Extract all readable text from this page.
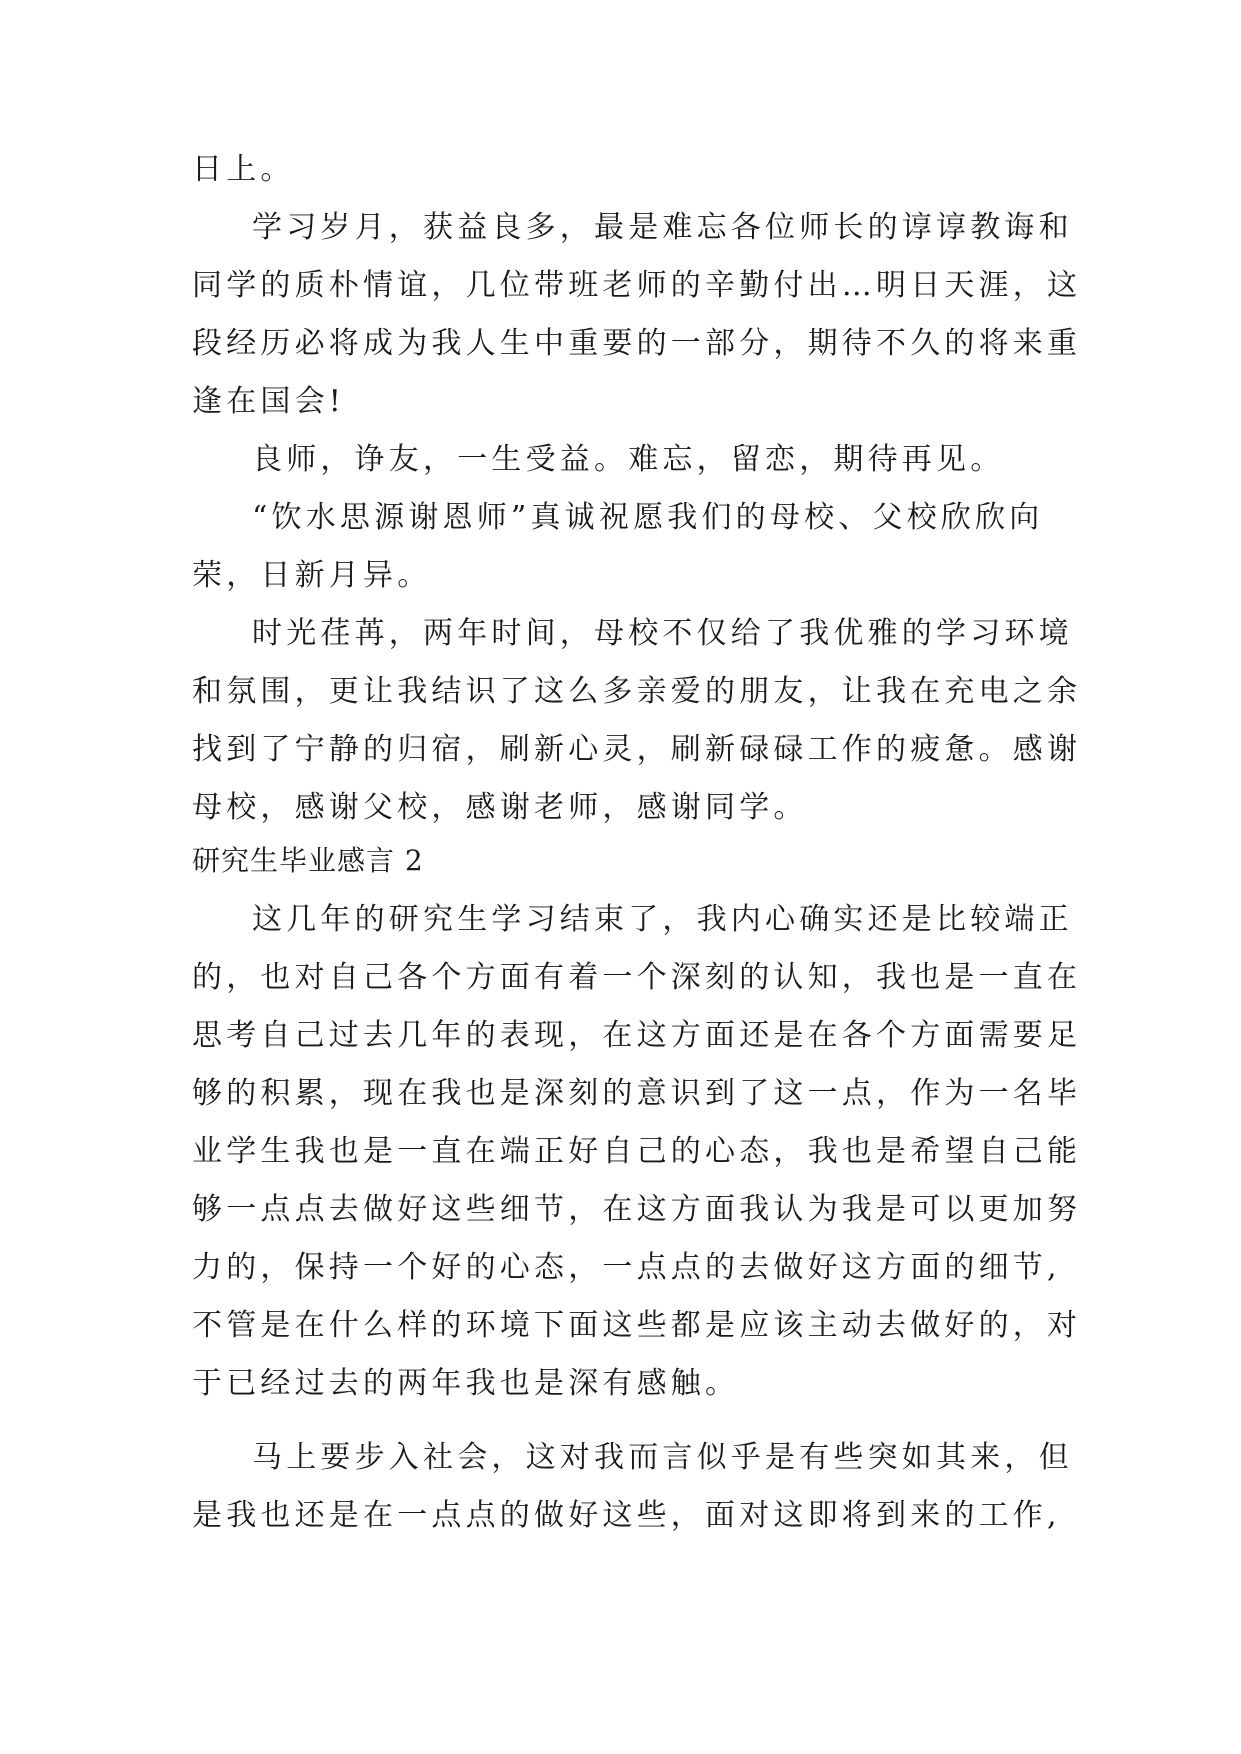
日上。
学习岁月，获益良多，最是难忘各位师长的谆谆教诲和
同学的质朴情谊，几位带班老师的辛勤付出…明日天涯，这
段经历必将成为我人生中重要的一部分，期待不久的将来重
逢在国会!
良师，诤友，一生受益。难忘，留恋，期待再见。
“饮水思源谢恩师”真诚祝愿我们的母校、父校欣欣向
荣，日新月异。
时光荏苒，两年时间，母校不仅给了我优雅的学习环境
和氛围，更让我结识了这么多亲爱的朋友，让我在充电之余
找到了宁静的归宿，刷新心灵，刷新碌碌工作的疲惫。感谢
母校，感谢父校，感谢老师，感谢同学。
研究生毕业感言 2
这几年的研究生学习结束了，我内心确实还是比较端正
的，也对自己各个方面有着一个深刻的认知，我也是一直在
思考自己过去几年的表现，在这方面还是在各个方面需要足
够的积累，现在我也是深刻的意识到了这一点，作为一名毕
业学生我也是一直在端正好自己的心态，我也是希望自己能
够一点点去做好这些细节，在这方面我认为我是可以更加努
力的，保持一个好的心态，一点点的去做好这方面的细节,
不管是在什么样的环境下面这些都是应该主动去做好的，对
于已经过去的两年我也是深有感触。
马上要步入社会，这对我而言似乎是有些突如其来，但
是我也还是在一点点的做好这些，面对这即将到来的工作,
